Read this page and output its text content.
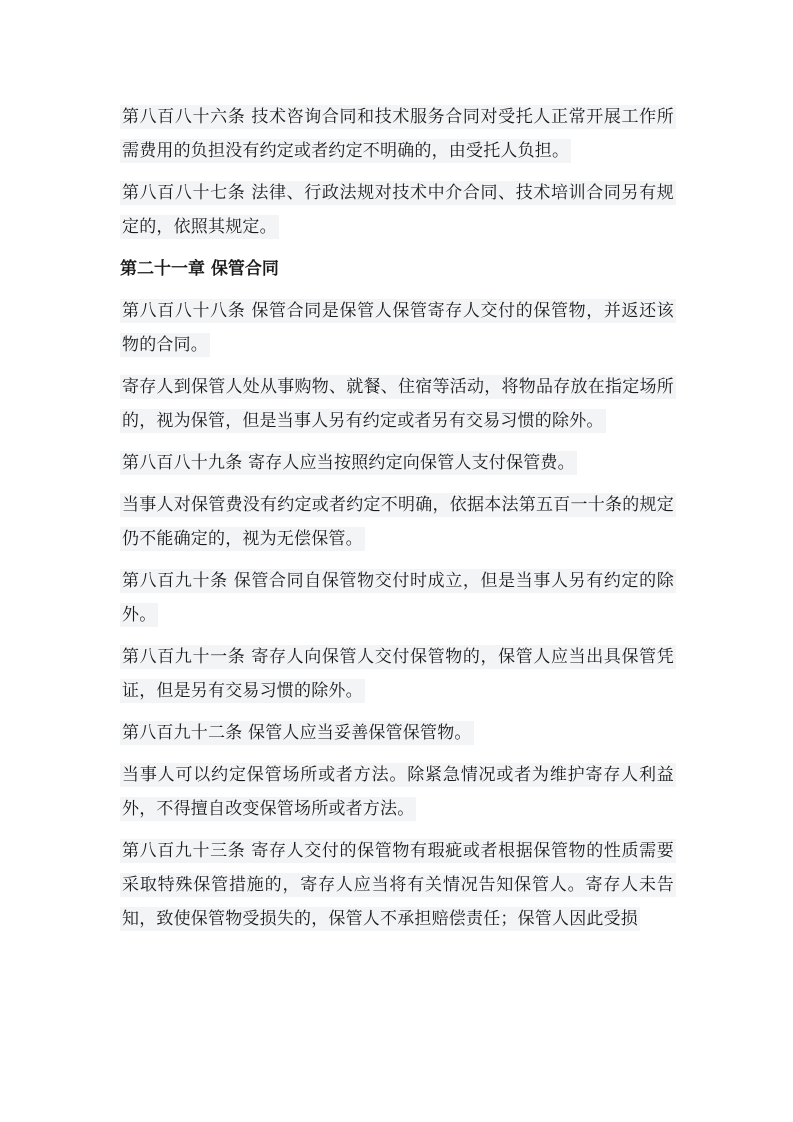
第八百八十六条 技术咨询合同和技术服务合同对受托人正常开展工作所需费用的负担没有约定或者约定不明确的，由受托人负担。

第八百八十七条 法律、行政法规对技术中介合同、技术培训合同另有规定的，依照其规定。

第二十一章 保管合同

第八百八十八条 保管合同是保管人保管寄存人交付的保管物，并返还该物的合同。

寄存人到保管人处从事购物、就餐、住宿等活动，将物品存放在指定场所的，视为保管，但是当事人另有约定或者另有交易习惯的除外。

第八百八十九条 寄存人应当按照约定向保管人支付保管费。

当事人对保管费没有约定或者约定不明确，依据本法第五百一十条的规定仍不能确定的，视为无偿保管。

第八百九十条 保管合同自保管物交付时成立，但是当事人另有约定的除外。

第八百九十一条 寄存人向保管人交付保管物的，保管人应当出具保管凭证，但是另有交易习惯的除外。

第八百九十二条 保管人应当妥善保管保管物。

当事人可以约定保管场所或者方法。除紧急情况或者为维护寄存人利益外，不得擅自改变保管场所或者方法。

第八百九十三条 寄存人交付的保管物有瑕疵或者根据保管物的性质需要采取特殊保管措施的，寄存人应当将有关情况告知保管人。寄存人未告知，致使保管物受损失的，保管人不承担赔偿责任；保管人因此受损
